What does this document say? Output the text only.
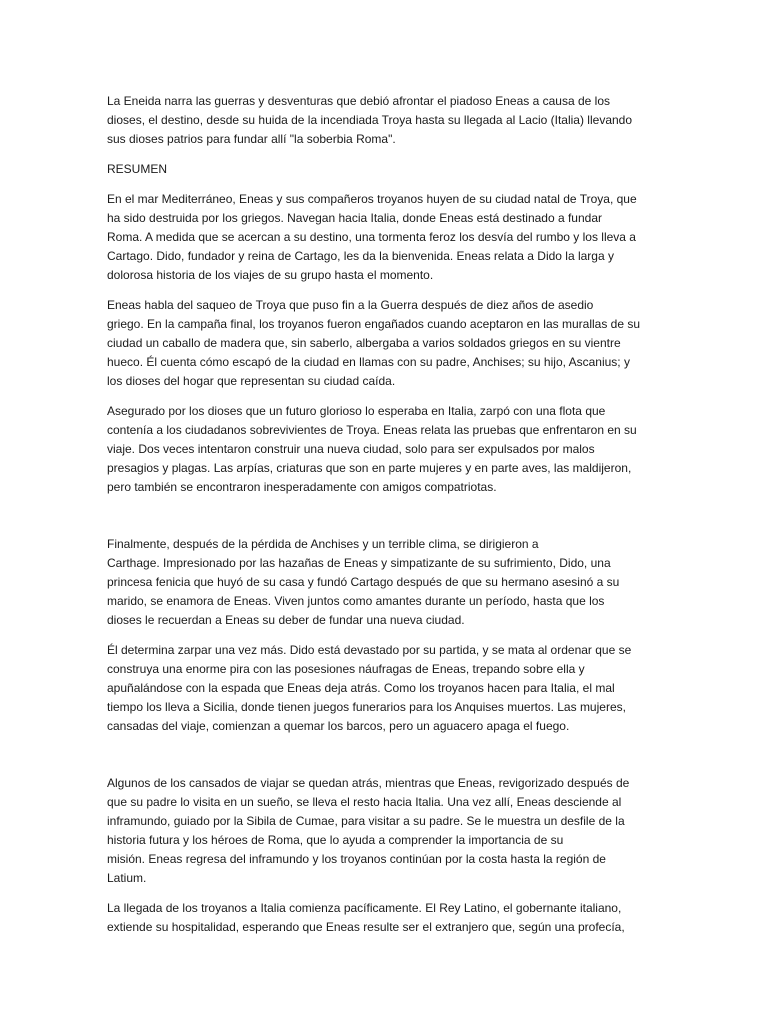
La Eneida narra las guerras y desventuras que debió afrontar el piadoso Eneas a causa de los
dioses, el destino, desde su huida de la incendiada Troya hasta su llegada al Lacio (Italia) llevando
sus dioses patrios para fundar allí "la soberbia Roma".

RESUMEN

En el mar Mediterráneo, Eneas y sus compañeros troyanos huyen de su ciudad natal de Troya, que
ha sido destruida por los griegos. Navegan hacia Italia, donde Eneas está destinado a fundar
Roma. A medida que se acercan a su destino, una tormenta feroz los desvía del rumbo y los lleva a
Cartago. Dido, fundador y reina de Cartago, les da la bienvenida. Eneas relata a Dido la larga y
dolorosa historia de los viajes de su grupo hasta el momento.

Eneas habla del saqueo de Troya que puso fin a la Guerra después de diez años de asedio
griego. En la campaña final, los troyanos fueron engañados cuando aceptaron en las murallas de su
ciudad un caballo de madera que, sin saberlo, albergaba a varios soldados griegos en su vientre
hueco. Él cuenta cómo escapó de la ciudad en llamas con su padre, Anchises; su hijo, Ascanius; y
los dioses del hogar que representan su ciudad caída.

Asegurado por los dioses que un futuro glorioso lo esperaba en Italia, zarpó con una flota que
contenía a los ciudadanos sobrevivientes de Troya. Eneas relata las pruebas que enfrentaron en su
viaje. Dos veces intentaron construir una nueva ciudad, solo para ser expulsados por malos
presagios y plagas. Las arpías, criaturas que son en parte mujeres y en parte aves, las maldijeron,
pero también se encontraron inesperadamente con amigos compatriotas.

Finalmente, después de la pérdida de Anchises y un terrible clima, se dirigieron a
Carthage. Impresionado por las hazañas de Eneas y simpatizante de su sufrimiento, Dido, una
princesa fenicia que huyó de su casa y fundó Cartago después de que su hermano asesinó a su
marido, se enamora de Eneas. Viven juntos como amantes durante un período, hasta que los
dioses le recuerdan a Eneas su deber de fundar una nueva ciudad.

Él determina zarpar una vez más. Dido está devastado por su partida, y se mata al ordenar que se
construya una enorme pira con las posesiones náufragas de Eneas, trepando sobre ella y
apuñalándose con la espada que Eneas deja atrás. Como los troyanos hacen para Italia, el mal
tiempo los lleva a Sicilia, donde tienen juegos funerarios para los Anquises muertos. Las mujeres,
cansadas del viaje, comienzan a quemar los barcos, pero un aguacero apaga el fuego.

Algunos de los cansados de viajar se quedan atrás, mientras que Eneas, revigorizado después de
que su padre lo visita en un sueño, se lleva el resto hacia Italia. Una vez allí, Eneas desciende al
inframundo, guiado por la Sibila de Cumae, para visitar a su padre. Se le muestra un desfile de la
historia futura y los héroes de Roma, que lo ayuda a comprender la importancia de su
misión. Eneas regresa del inframundo y los troyanos continúan por la costa hasta la región de
Latium.

La llegada de los troyanos a Italia comienza pacíficamente. El Rey Latino, el gobernante italiano,
extiende su hospitalidad, esperando que Eneas resulte ser el extranjero que, según una profecía,
